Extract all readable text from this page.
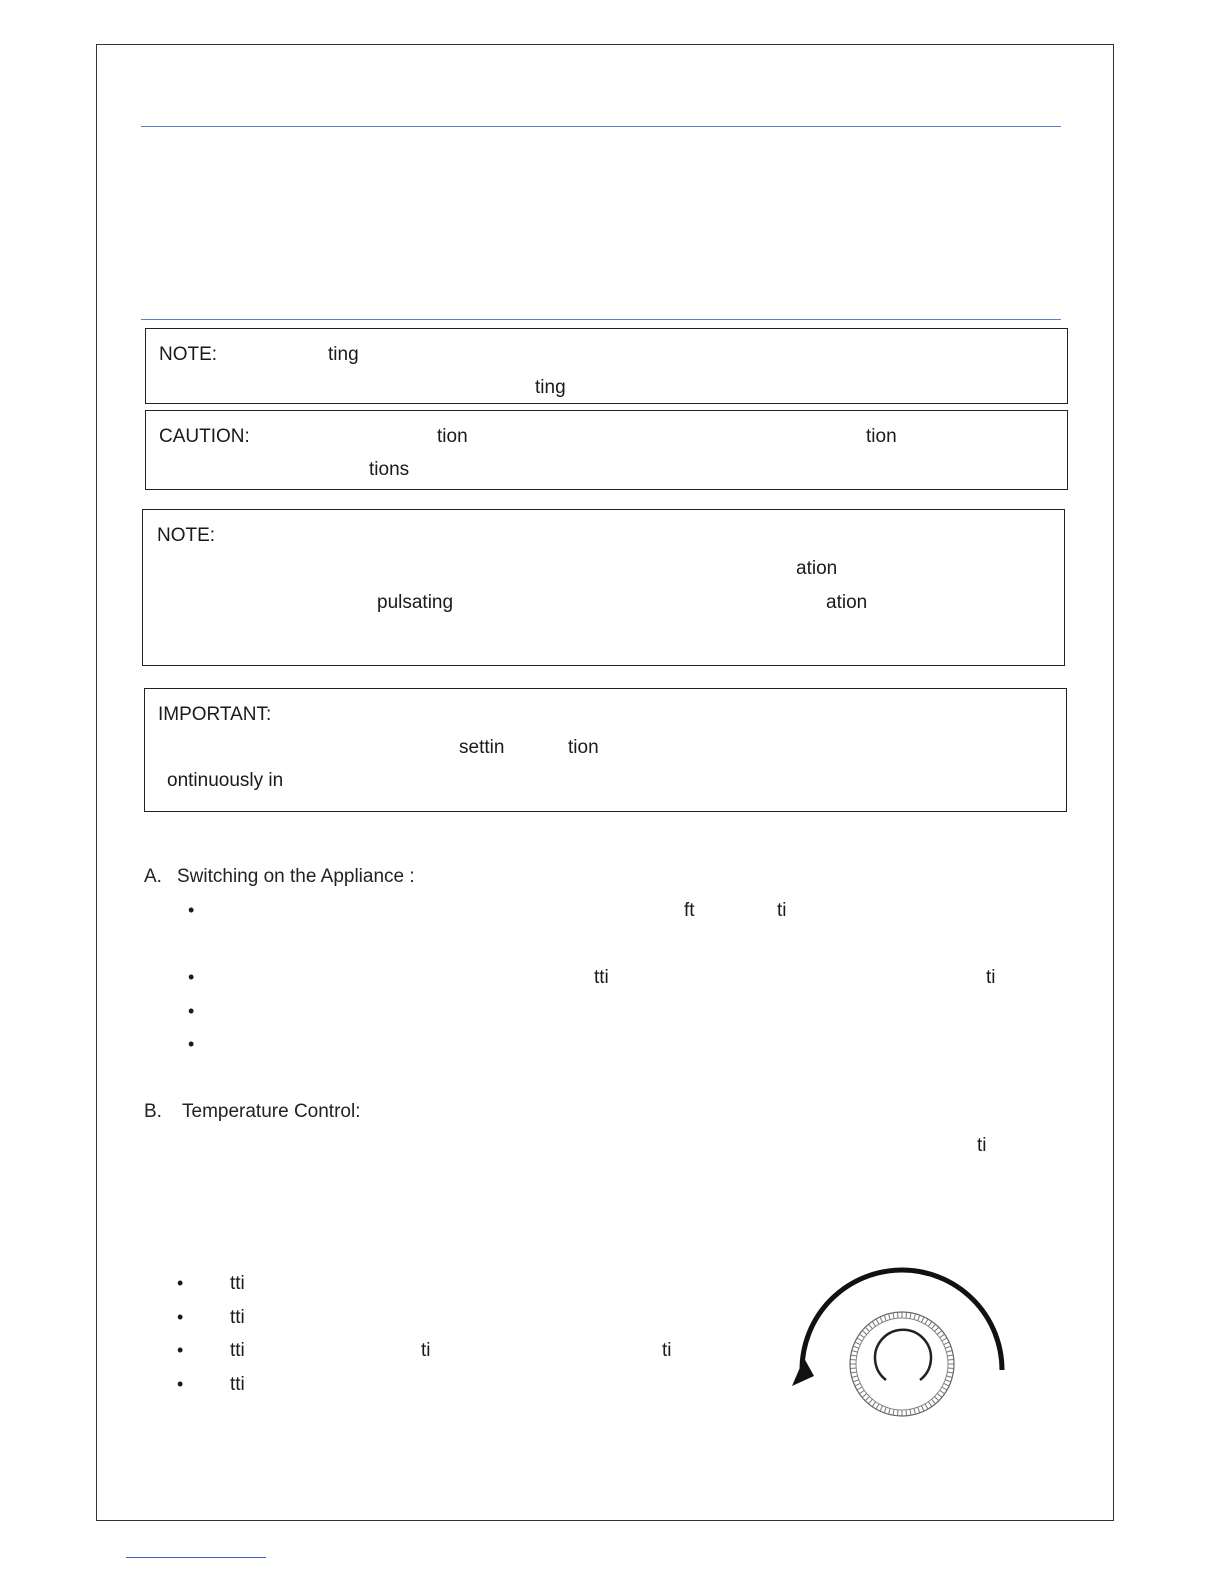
NOTE:	ting
ting
CAUTION:	tion	tion
tions
NOTE:
ation
pulsating	ation
IMPORTANT:
settin	tion
ontinuously in
A. Switching on the Appliance :
•	ft	ti
•	tti	ti
•
•
B. Temperature Control:
ti
• tti
• tti
• tti	ti	ti
• tti
